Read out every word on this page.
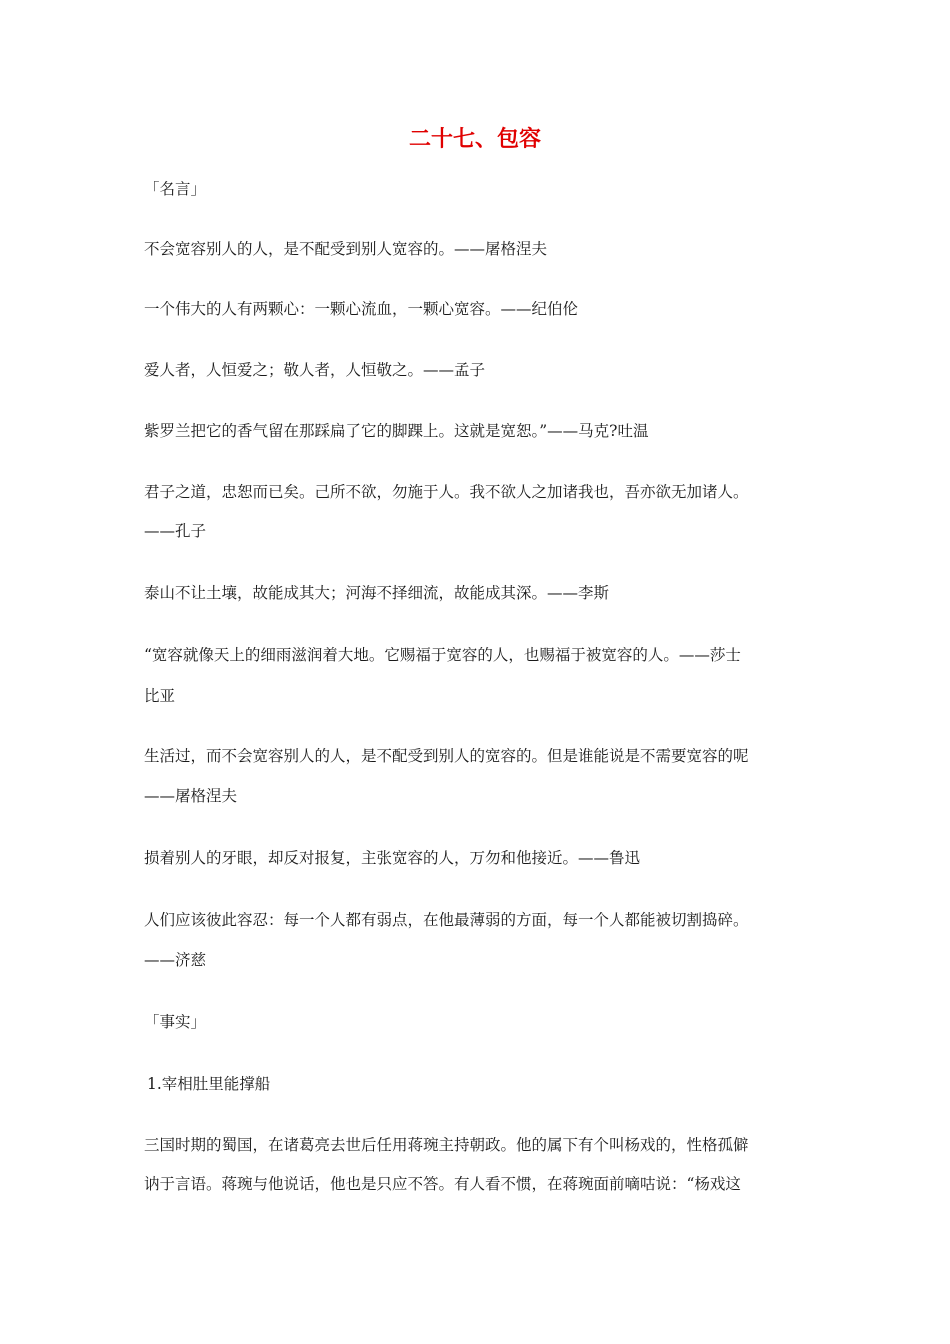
二十七、包容
「名言」
不会宽容别人的人，是不配受到别人宽容的。——屠格涅夫
一个伟大的人有两颗心：一颗心流血，一颗心宽容。——纪伯伦
爱人者，人恒爱之；敬人者，人恒敬之。——孟子
紫罗兰把它的香气留在那踩扁了它的脚踝上。这就是宽恕。”——马克?吐温
君子之道，忠恕而已矣。己所不欲，勿施于人。我不欲人之加诸我也，吾亦欲无加诸人。
——孔子
泰山不让土壤，故能成其大；河海不择细流，故能成其深。——李斯
“宽容就像天上的细雨滋润着大地。它赐福于宽容的人，也赐福于被宽容的人。——莎士
比亚
生活过，而不会宽容别人的人，是不配受到别人的宽容的。但是谁能说是不需要宽容的呢
——屠格涅夫
损着别人的牙眼，却反对报复，主张宽容的人，万勿和他接近。——鲁迅
人们应该彼此容忍：每一个人都有弱点，在他最薄弱的方面，每一个人都能被切割捣碎。
——济慈
「事实」
1.宰相肚里能撑船
三国时期的蜀国，在诸葛亮去世后任用蒋琬主持朝政。他的属下有个叫杨戏的，性格孤僻
讷于言语。蒋琬与他说话，他也是只应不答。有人看不惯，在蒋琬面前嘀咕说：“杨戏这
